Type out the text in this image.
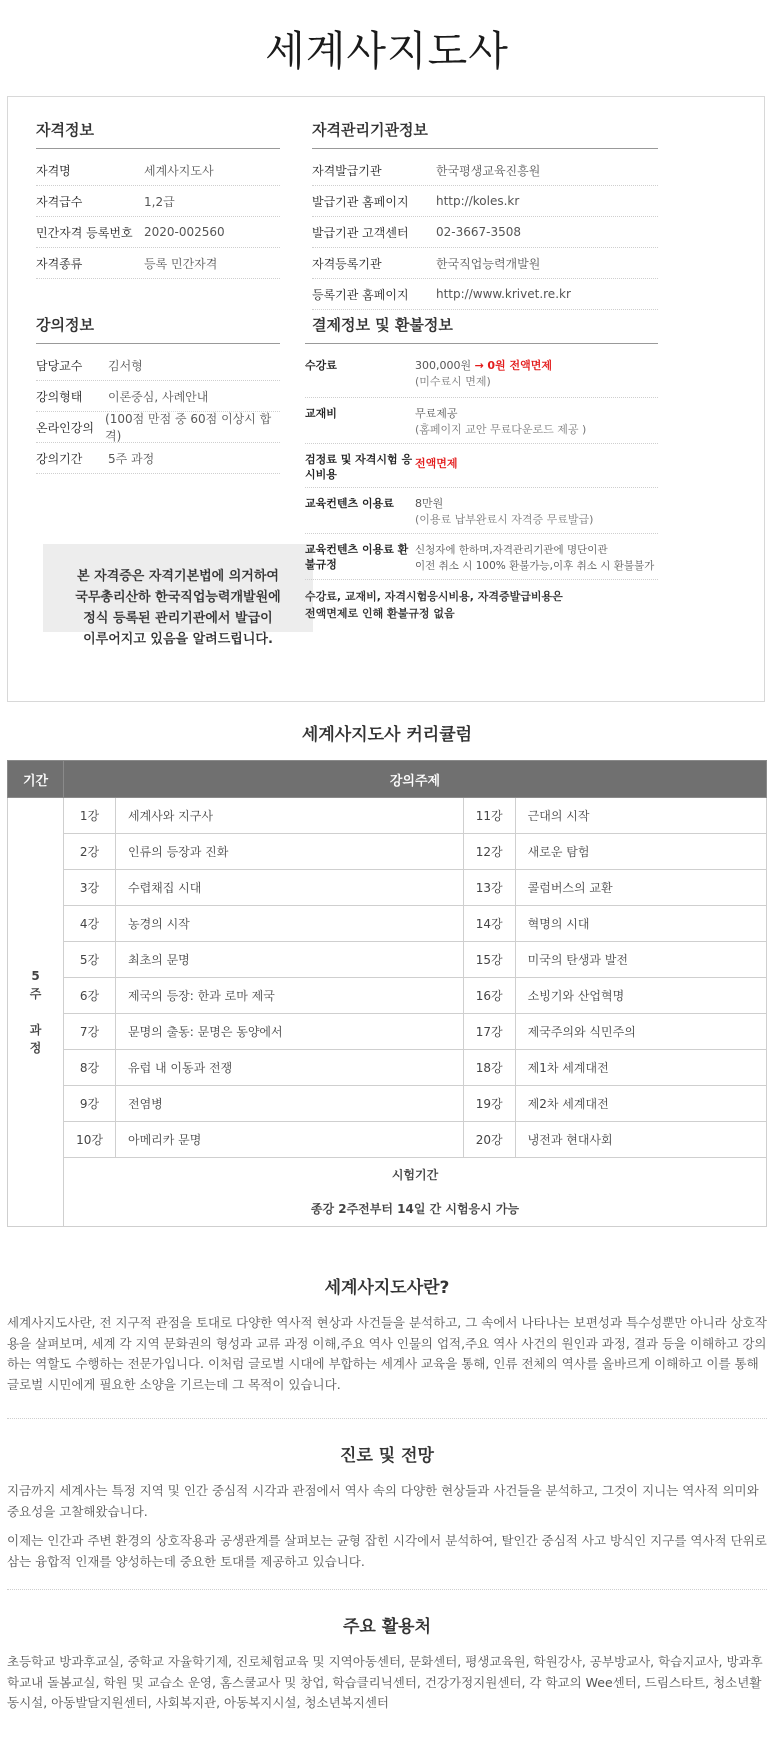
세계사지도사
자격정보
자격명	세계사지도사
자격급수	1,2급
민간자격 등록번호 2020-002560
자격종류	등록 민간자격
자격관리기관정보
자격발급기관	한국평생교육진흥원
발급기관 홈페이지	http://koles.kr
발급기관 고객센터	02-3667-3508
자격등록기관	한국직업능력개발원
등록기관 홈페이지	http://www.krivet.re.kr
강의정보
담당교수	김서형
강의형태	이론중심, 사례안내
온라인강의
(100점 만점 중 60점 이상시 합격)
강의기간	5주 과정
본 자격증은 자격기본법에 의거하여
국무총리산하 한국직업능력개발원에
정식 등록된 관리기관에서 발급이
이루어지고 있음을 알려드립니다.
결제정보 및 환불정보
수강료	300,000원 → 0원 전액면제
(미수료시 면제)
교재비	무료제공
(홈페이지 교안 무료다운로드 제공 )
검정료 및 자격시험 응시비용
전액면제
교육컨텐츠 이용료	8만원
(이용료 납부완료시 자격증 무료발급)
교육컨텐츠 이용료 환불규정
신청자에 한하며,자격관리기관에 명단이관
이전 취소 시 100% 환불가능,이후 취소 시 환불불가
수강료, 교재비, 자격시험응시비용, 자격증발급비용은
전액면제로 인해 환불규정 없음
세계사지도사 커리큘럼
기간	강의주제			

5
주
과
정	1강	세계사와 지구사	11강	근대의 시작
	2강	인류의 등장과 진화	12강	새로운 탐험
	3강	수렵채집 시대	13강	콜럼버스의 교환
	4강	농경의 시작	14강	혁명의 시대
	5강	최초의 문명	15강	미국의 탄생과 발전
	6강	제국의 등장: 한과 로마 제국	16강	소빙기와 산업혁명
	7강	문명의 출동: 문명은 동양에서	17강	제국주의와 식민주의
	8강	유럽 내 이동과 전쟁	18강	제1차 세계대전
	9강	전염병	19강	제2차 세계대전
	10강	아메리카 문명	20강	냉전과 현대사회

	시험기간
종강 2주전부터 14일 간 시험응시 가능			
세계사지도사란?

세계사지도사란, 전 지구적 관점을 토대로 다양한 역사적 현상과 사건들을 분석하고, 그 속에서 나타나는 보편성과 특수성뿐만 아니라 상호작용을 살펴보며, 세계 각 지역 문화권의 형성과 교류 과정 이해,주요 역사 인물의 업적,주요 역사 사건의 원인과 과정, 결과 등을 이해하고 강의하는 역할도 수행하는 전문가입니다. 이처럼 글로벌 시대에 부합하는 세계사 교육을 통해, 인류 전체의 역사를 올바르게 이해하고 이를 통해 글로벌 시민에게 필요한 소양을 기르는데 그 목적이 있습니다.

진로 및 전망

지금까지 세계사는 특정 지역 및 인간 중심적 시각과 관점에서 역사 속의 다양한 현상들과 사건들을 분석하고, 그것이 지니는 역사적 의미와 중요성을 고찰해왔습니다.

이제는 인간과 주변 환경의 상호작용과 공생관계를 살펴보는 균형 잡힌 시각에서 분석하여, 탈인간 중심적 사고 방식인 지구를 역사적 단위로 삼는 융합적 인재를 양성하는데 중요한 토대를 제공하고 있습니다.

주요 활용처

초등학교 방과후교실, 중학교 자율학기제, 진로체험교육 및 지역아동센터, 문화센터, 평생교육원, 학원강사, 공부방교사, 학습지교사, 방과후 학교내 돌봄교실, 학원 및 교습소 운영, 홈스쿨교사 및 창업, 학습클리닉센터, 건강가정지원센터, 각 학교의 Wee센터, 드림스타트, 청소년활동시설, 아동발달지원센터, 사회복지관, 아동복지시설, 청소년복지센터
